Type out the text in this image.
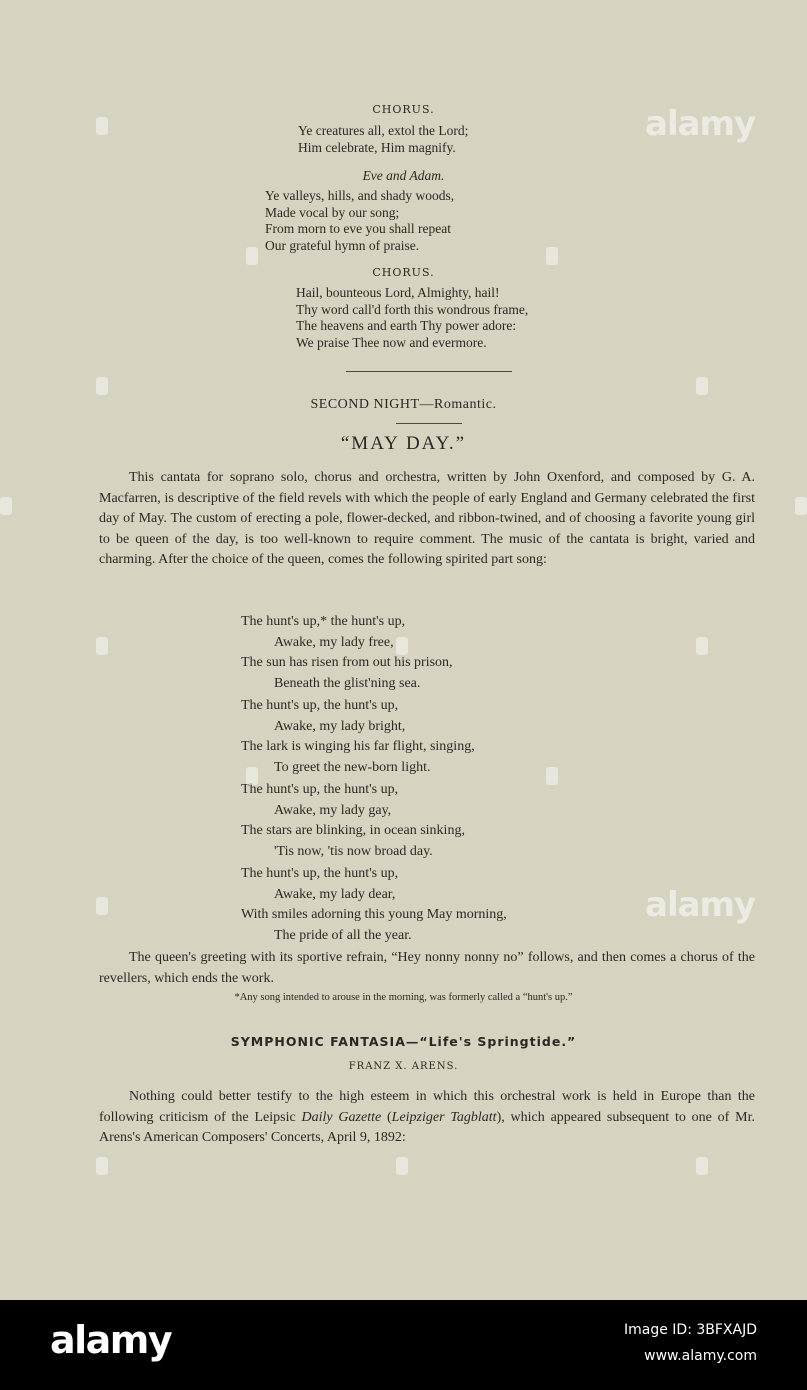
CHORUS.
Ye creatures all, extol the Lord;
Him celebrate, Him magnify.
Eve and Adam.
Ye valleys, hills, and shady woods,
Made vocal by our song;
From morn to eve you shall repeat
Our grateful hymn of praise.
CHORUS.
Hail, bounteous Lord, Almighty, hail!
Thy word call'd forth this wondrous frame,
The heavens and earth Thy power adore:
We praise Thee now and evermore.
SECOND NIGHT—Romantic.
“MAY DAY.”

This cantata for soprano solo, chorus and orchestra, written by John Oxenford, and composed by G. A. Macfarren, is descriptive of the field revels with which the people of early England and Germany celebrated the first day of May. The custom of erecting a pole, flower-decked, and ribbon-twined, and of choosing a favorite young girl to be queen of the day, is too well-known to require comment. The music of the cantata is bright, varied and charming. After the choice of the queen, comes the following spirited part song:

The hunt's up,* the hunt's up,
Awake, my lady free,
The sun has risen from out his prison,
Beneath the glist'ning sea.
The hunt's up, the hunt's up,
Awake, my lady bright,
The lark is winging his far flight, singing,
To greet the new-born light.
The hunt's up, the hunt's up,
Awake, my lady gay,
The stars are blinking, in ocean sinking,
'Tis now, 'tis now broad day.
The hunt's up, the hunt's up,
Awake, my lady dear,
With smiles adorning this young May morning,
The pride of all the year.

The queen's greeting with its sportive refrain, “Hey nonny nonny no” follows, and then comes a chorus of the revellers, which ends the work.

*Any song intended to arouse in the morning, was formerly called a “hunt's up.”
SYMPHONIC FANTASIA—“Life's Springtide.”
FRANZ X. ARENS.

Nothing could better testify to the high esteem in which this orchestral work is held in Europe than the following criticism of the Leipsic Daily Gazette (Leipziger Tagblatt), which appeared subsequent to one of Mr. Arens's American Composers' Concerts, April 9, 1892:

alamy
alamy
alamy	Image ID: 3BFXAJD
www.alamy.com
